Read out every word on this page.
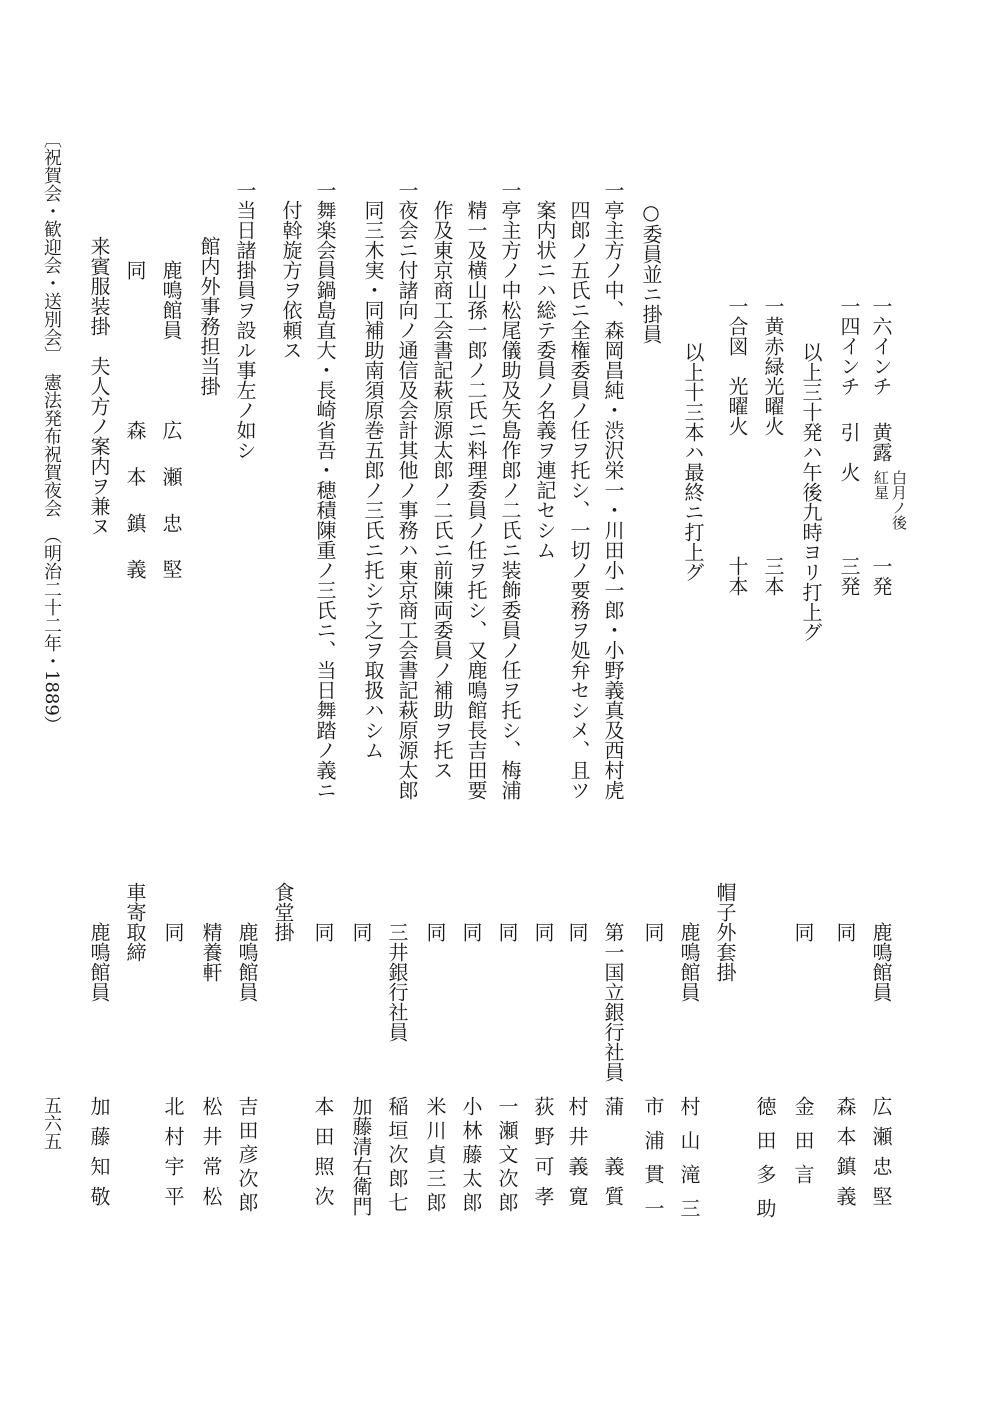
一六インチ
黄露
白月ノ後
紅星
一発
一四インチ
引　火
三発
以上三十発ハ午後九時ヨリ打上グ
一黄赤緑光曜火
三本
一合図　光曜火
十本
以上十三本ハ最終ニ打上グ
○委員並ニ掛員
一亭主方ノ中、森岡昌純・渋沢栄一・川田小一郎・小野義真及西村虎
四郎ノ五氏ニ全権委員ノ任ヲ托シ、一切ノ要務ヲ処弁セシメ、且ツ
案内状ニハ総テ委員ノ名義ヲ連記セシム
一亭主方ノ中松尾儀助及矢島作郎ノ二氏ニ装飾委員ノ任ヲ托シ、梅浦
精一及横山孫一郎ノ二氏ニ料理委員ノ任ヲ托シ、又鹿鳴館長吉田要
作及東京商工会書記萩原源太郎ノ二氏ニ前陳両委員ノ補助ヲ托ス
一夜会ニ付諸向ノ通信及会計其他ノ事務ハ東京商工会書記萩原源太郎
同三木実・同補助南須原巻五郎ノ三氏ニ托シテ之ヲ取扱ハシム
一舞楽会員鍋島直大・長崎省吾・穂積陳重ノ三氏ニ、当日舞踏ノ義ニ
付斡旋方ヲ依頼ス
一当日諸掛員ヲ設ル事左ノ如シ
館内外事務担当掛
鹿鳴館員
広 瀬 忠 堅
同
森 本 鎮 義
来賓服装掛　夫人方ノ案内ヲ兼ヌ
〔祝賀会・歓迎会・送別会〕　憲法発布祝賀夜会　（明治二十二年・1889）
鹿鳴館員
広瀬忠堅
同
森本鎮義
同
金田言
徳田多助
帽子外套掛
鹿鳴館員
村山滝三
同
市浦貫一
第一国立銀行社員
蒲　義質
同
村井義寛
同
荻野可孝
同
一瀬文次郎
同
小林藤太郎
同
米川貞三郎
三井銀行社員
稲垣次郎七
同
加藤清右衛門
同
本田照次
食堂掛
鹿鳴館員
吉田彦次郎
精養軒
松井常松
同
北村宇平
車寄取締
鹿鳴館員
加藤知敬
五六五
